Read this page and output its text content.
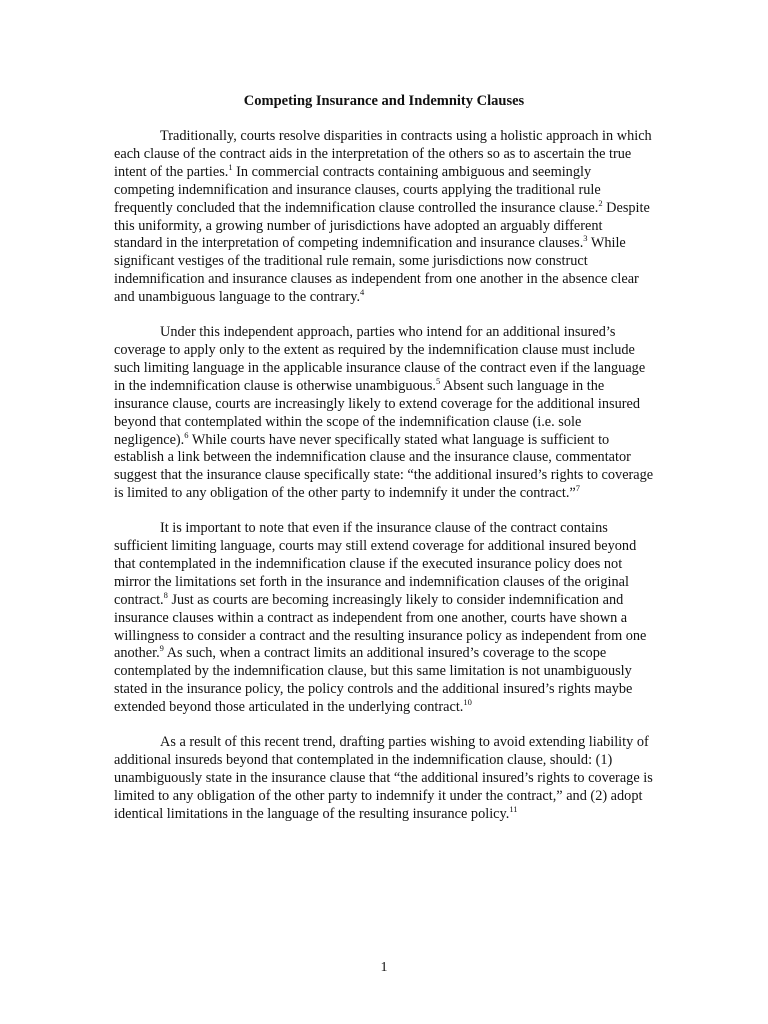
Competing Insurance and Indemnity Clauses

Traditionally, courts resolve disparities in contracts using a holistic approach in which each clause of the contract aids in the interpretation of the others so as to ascertain the true intent of the parties.$^1$ In commercial contracts containing ambiguous and seemingly competing indemnification and insurance clauses, courts applying the traditional rule frequently concluded that the indemnification clause controlled the insurance clause.$^2$ Despite this uniformity, a growing number of jurisdictions have adopted an arguably different standard in the interpretation of competing indemnification and insurance clauses.$^3$ While significant vestiges of the traditional rule remain, some jurisdictions now construct indemnification and insurance clauses as independent from one another in the absence clear and unambiguous language to the contrary.$^4$

Under this independent approach, parties who intend for an additional insured’s coverage to apply only to the extent as required by the indemnification clause must include such limiting language in the applicable insurance clause of the contract even if the language in the indemnification clause is otherwise unambiguous.$^5$ Absent such language in the insurance clause, courts are increasingly likely to extend coverage for the additional insured beyond that contemplated within the scope of the indemnification clause (i.e. sole negligence).$^6$ While courts have never specifically stated what language is sufficient to establish a link between the indemnification clause and the insurance clause, commentator suggest that the insurance clause specifically state: “the additional insured’s rights to coverage is limited to any obligation of the other party to indemnify it under the contract.”$^7$

It is important to note that even if the insurance clause of the contract contains sufficient limiting language, courts may still extend coverage for additional insured beyond that contemplated in the indemnification clause if the executed insurance policy does not mirror the limitations set forth in the insurance and indemnification clauses of the original contract.$^8$ Just as courts are becoming increasingly likely to consider indemnification and insurance clauses within a contract as independent from one another, courts have shown a willingness to consider a contract and the resulting insurance policy as independent from one another.$^9$ As such, when a contract limits an additional insured’s coverage to the scope contemplated by the indemnification clause, but this same limitation is not unambiguously stated in the insurance policy, the policy controls and the additional insured’s rights maybe extended beyond those articulated in the underlying contract.$^{10}$

As a result of this recent trend, drafting parties wishing to avoid extending liability of additional insureds beyond that contemplated in the indemnification clause, should: (1) unambiguously state in the insurance clause that “the additional insured’s rights to coverage is limited to any obligation of the other party to indemnify it under the contract,” and (2) adopt identical limitations in the language of the resulting insurance policy.$^{11}$

1
